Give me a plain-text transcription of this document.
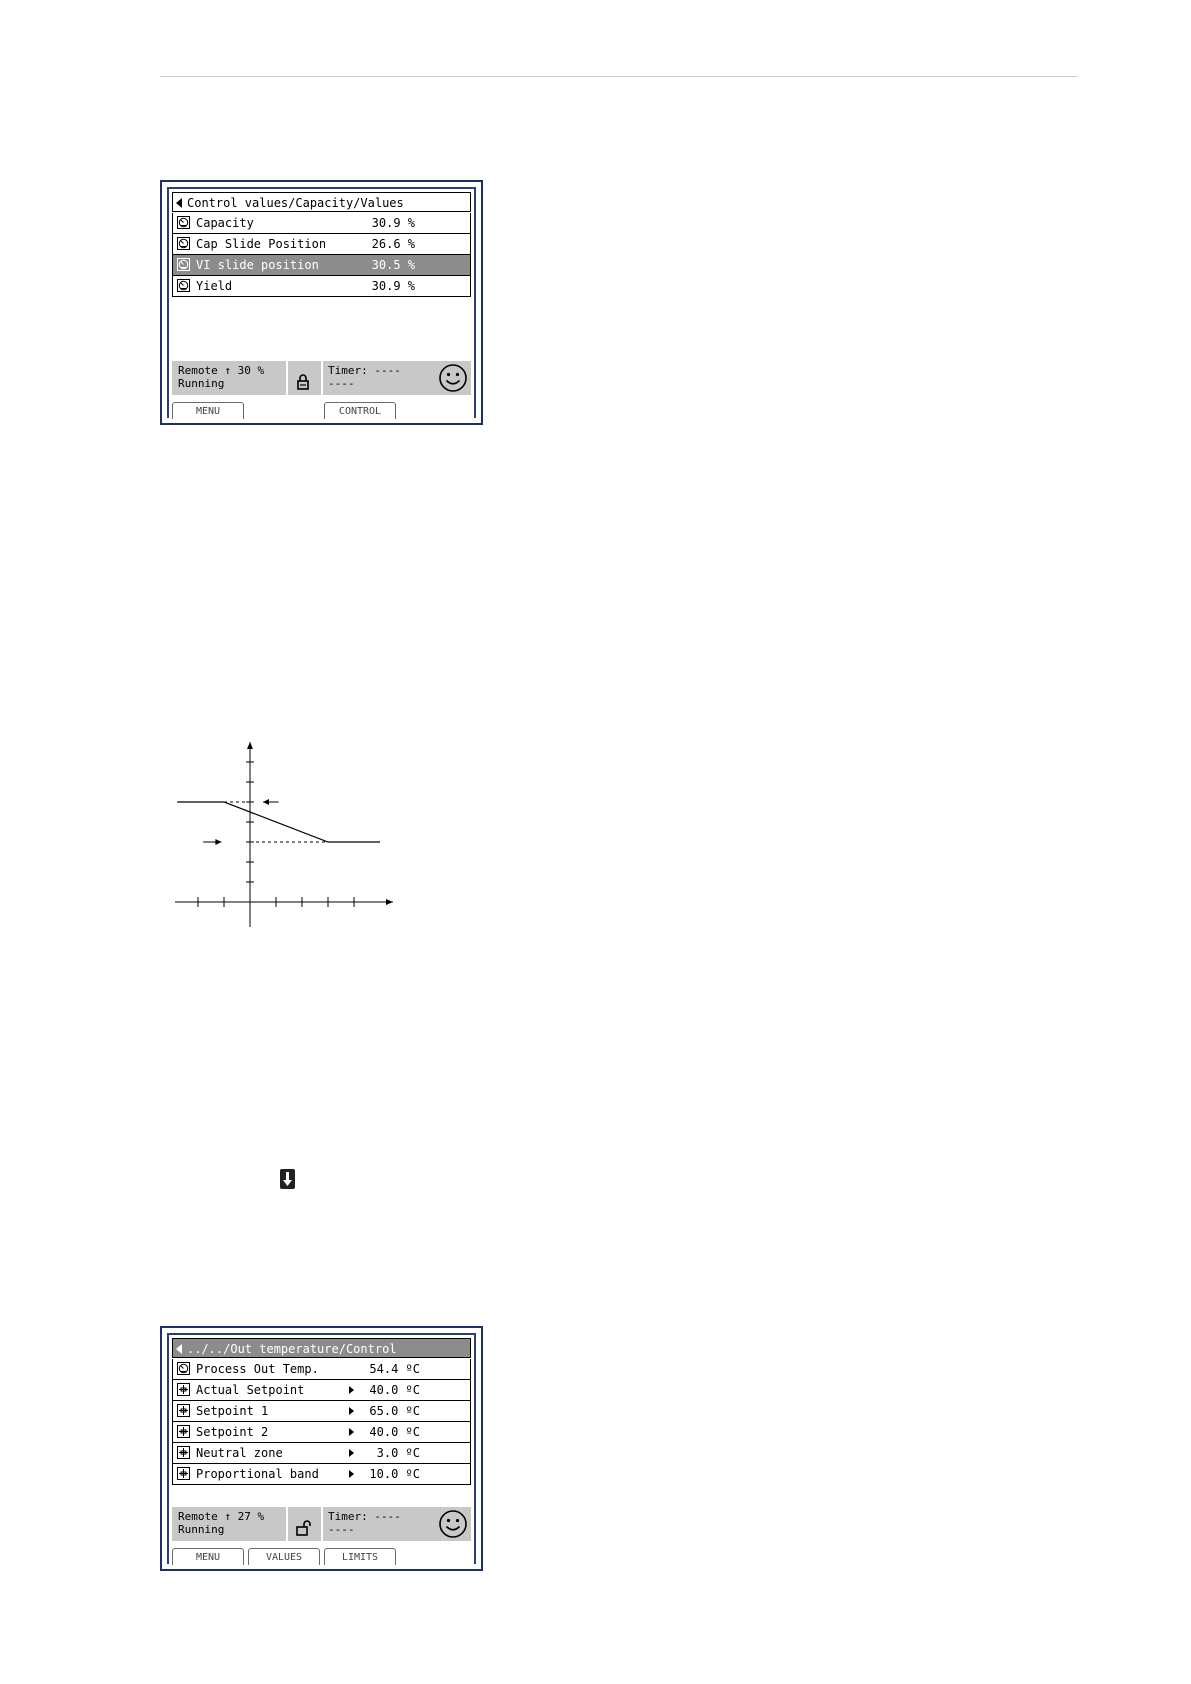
Control values/Capacity/Values
Capacity	30.9 %
Cap Slide Position	26.6 %
VI slide position	30.5 %
Yield	30.9 %
Remote ↑ 30 %
Running
Timer: ----
----

MENU	CONTROL
../../Out temperature/Control
Process Out Temp.	54.4 ºC
Actual Setpoint	40.0 ºC
Setpoint 1	65.0 ºC
Setpoint 2	40.0 ºC
Neutral zone	3.0 ºC
Proportional band	10.0 ºC
Remote ↑ 27 %
Running
Timer: ----
----

MENU	VALUES	LIMITS
